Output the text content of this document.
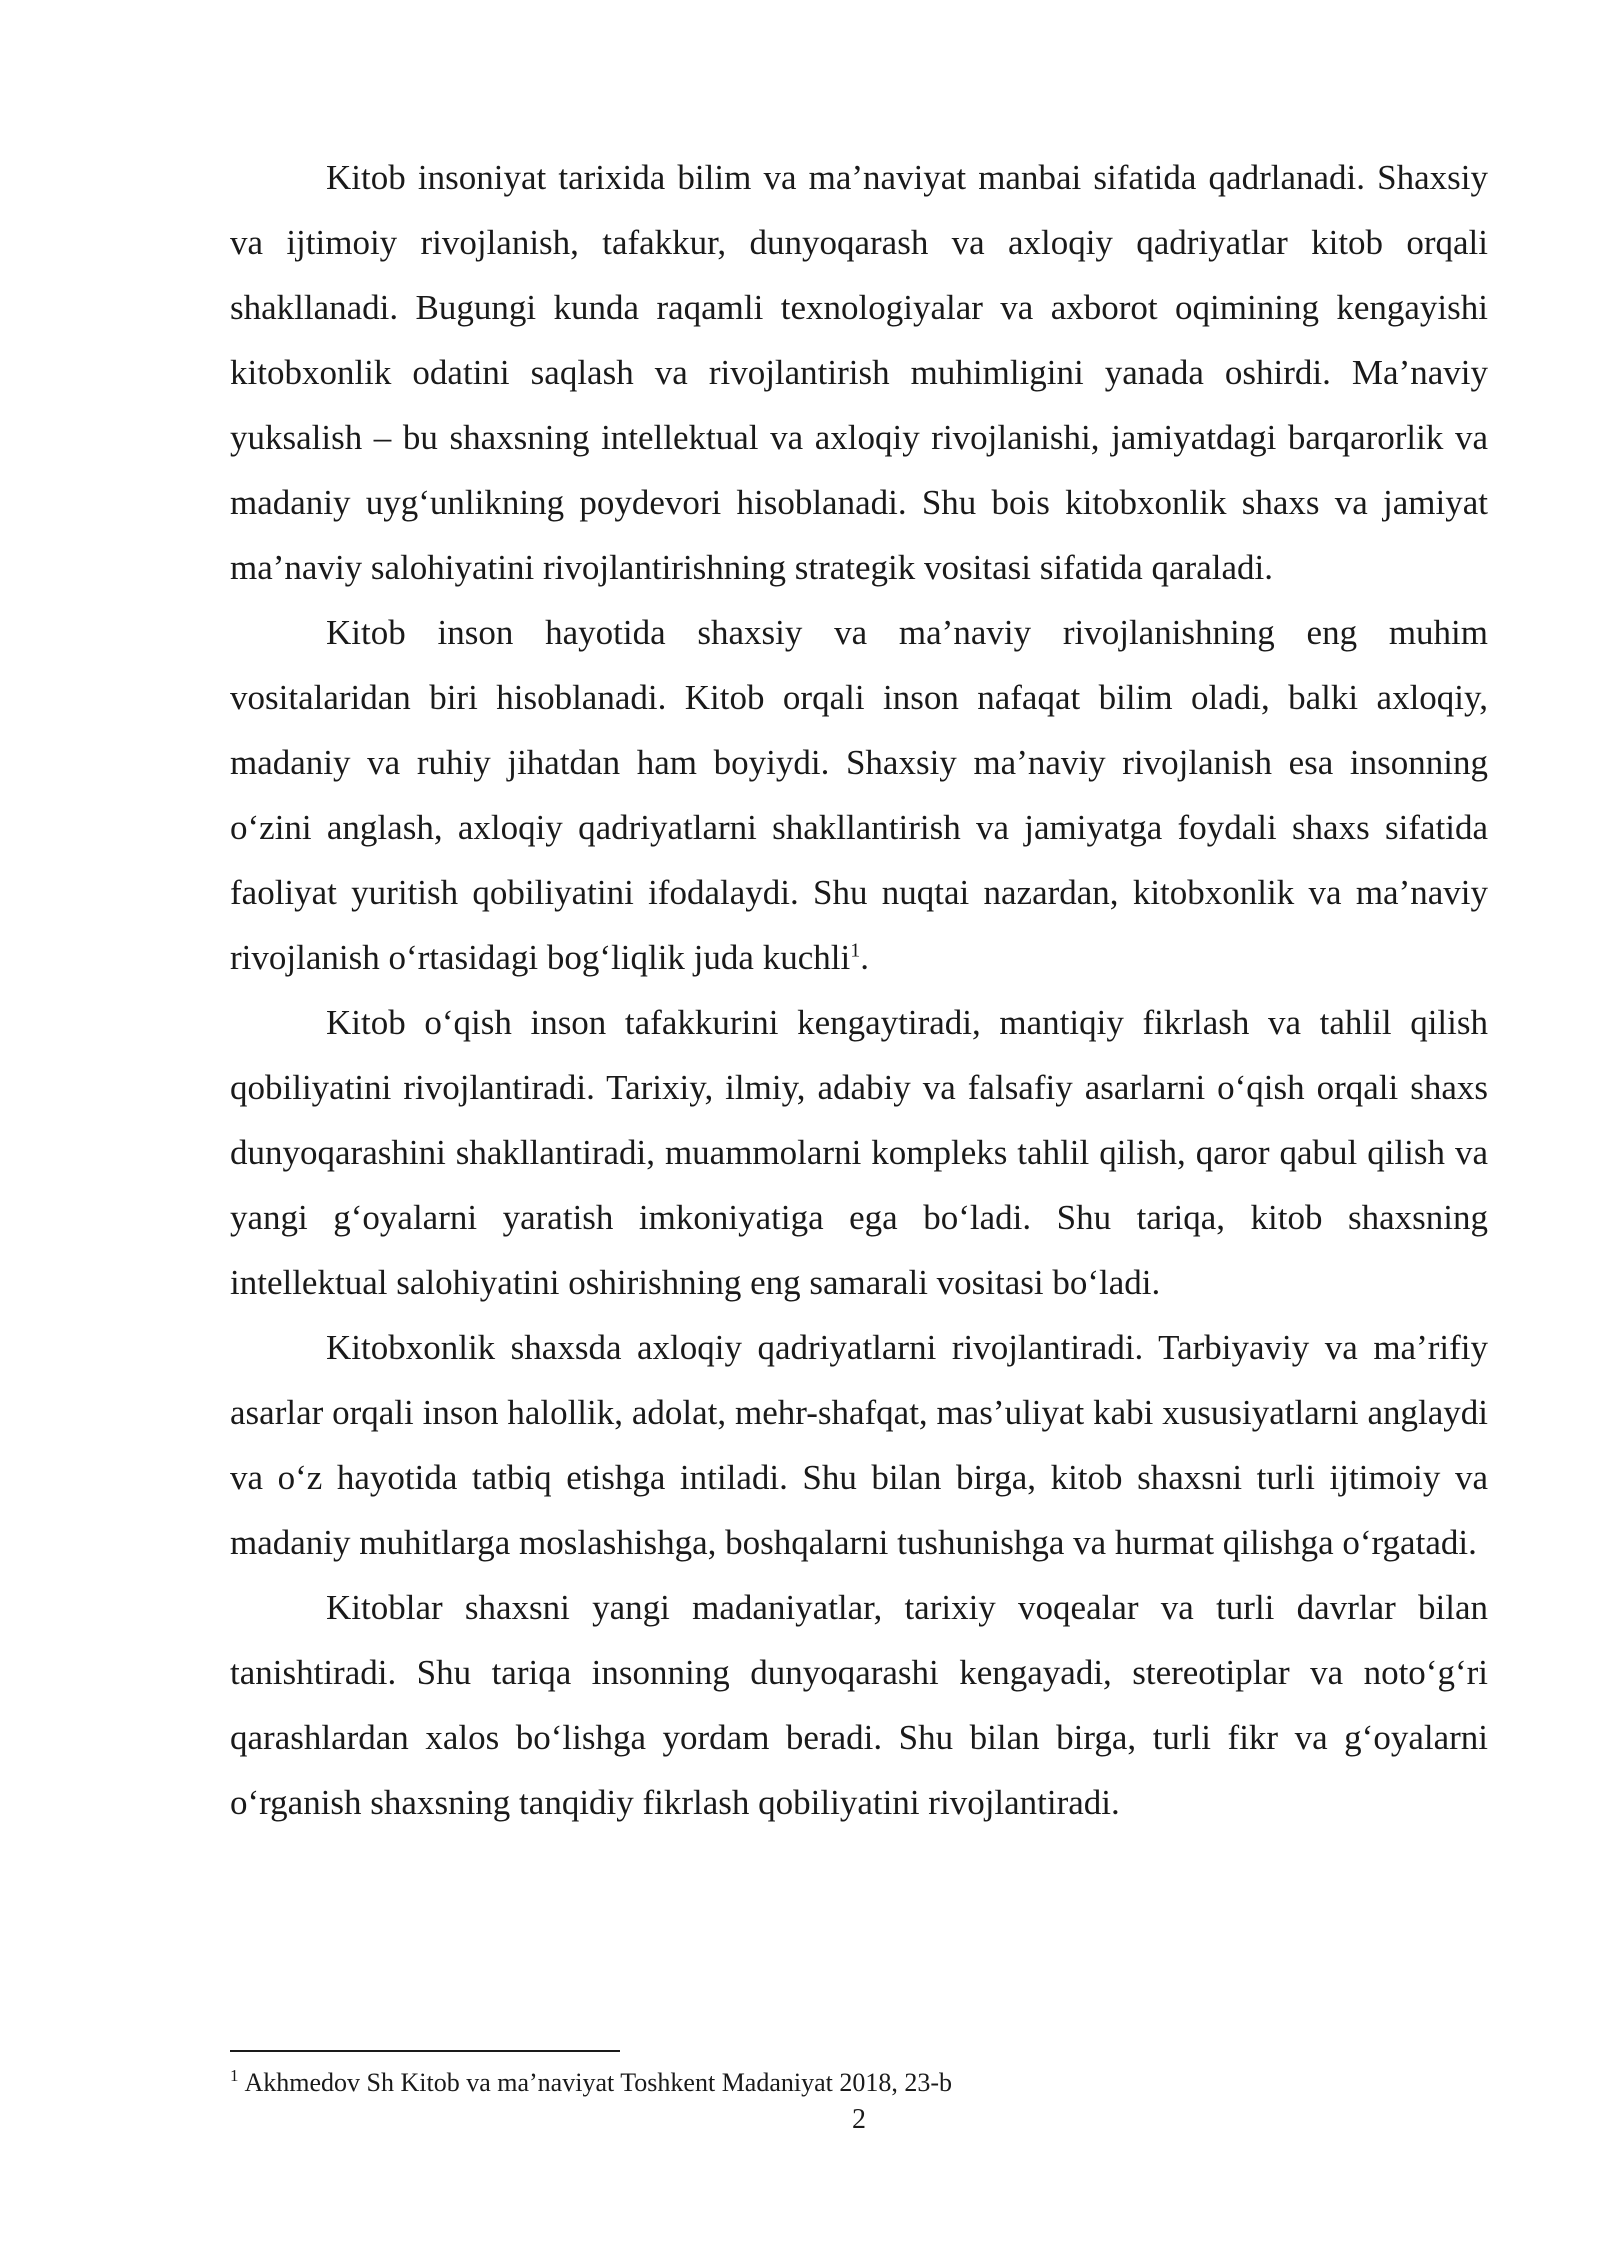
Kitob insoniyat tarixida bilim va ma’naviyat manbai sifatida qadrlanadi. Shaxsiy va ijtimoiy rivojlanish, tafakkur, dunyoqarash va axloqiy qadriyatlar kitob orqali shakllanadi. Bugungi kunda raqamli texnologiyalar va axborot oqimining kengayishi kitobxonlik odatini saqlash va rivojlantirish muhimligini yanada oshirdi. Ma’naviy yuksalish – bu shaxsning intellektual va axloqiy rivojlanishi, jamiyatdagi barqarorlik va madaniy uyg‘unlikning poydevori hisoblanadi. Shu bois kitobxonlik shaxs va jamiyat ma’naviy salohiyatini rivojlantirishning strategik vositasi sifatida qaraladi.

Kitob inson hayotida shaxsiy va ma’naviy rivojlanishning eng muhim vositalaridan biri hisoblanadi. Kitob orqali inson nafaqat bilim oladi, balki axloqiy, madaniy va ruhiy jihatdan ham boyiydi. Shaxsiy ma’naviy rivojlanish esa insonning o‘zini anglash, axloqiy qadriyatlarni shakllantirish va jamiyatga foydali shaxs sifatida faoliyat yuritish qobiliyatini ifodalaydi. Shu nuqtai nazardan, kitobxonlik va ma’naviy rivojlanish o‘rtasidagi bog‘liqlik juda kuchli$^1$.

Kitob o‘qish inson tafakkurini kengaytiradi, mantiqiy fikrlash va tahlil qilish qobiliyatini rivojlantiradi. Tarixiy, ilmiy, adabiy va falsafiy asarlarni o‘qish orqali shaxs dunyoqarashini shakllantiradi, muammolarni kompleks tahlil qilish, qaror qabul qilish va yangi g‘oyalarni yaratish imkoniyatiga ega bo‘ladi. Shu tariqa, kitob shaxsning intellektual salohiyatini oshirishning eng samarali vositasi bo‘ladi.

Kitobxonlik shaxsda axloqiy qadriyatlarni rivojlantiradi. Tarbiyaviy va ma’rifiy asarlar orqali inson halollik, adolat, mehr-shafqat, mas’uliyat kabi xususiyatlarni anglaydi va o‘z hayotida tatbiq etishga intiladi. Shu bilan birga, kitob shaxsni turli ijtimoiy va madaniy muhitlarga moslashishga, boshqalarni tushunishga va hurmat qilishga o‘rgatadi.

Kitoblar shaxsni yangi madaniyatlar, tarixiy voqealar va turli davrlar bilan tanishtiradi. Shu tariqa insonning dunyoqarashi kengayadi, stereotiplar va noto‘g‘ri qarashlardan xalos bo‘lishga yordam beradi. Shu bilan birga, turli fikr va g‘oyalarni o‘rganish shaxsning tanqidiy fikrlash qobiliyatini rivojlantiradi.

$^1$ Akhmedov Sh Kitob va ma’naviyat Toshkent Madaniyat 2018, 23-b
2
